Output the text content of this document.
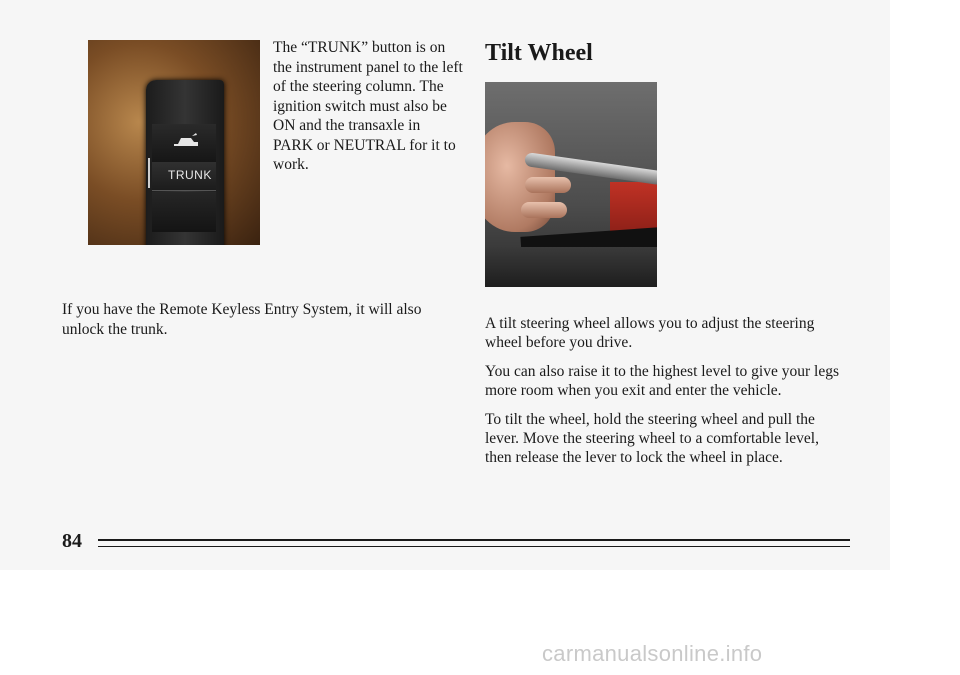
TRUNK
The “TRUNK” button is on the instrument panel to the left of the steering column. The ignition switch must also be ON and the transaxle in PARK or NEUTRAL for it to work.
If you have the Remote Keyless Entry System, it will also unlock the trunk.
Tilt Wheel

A tilt steering wheel allows you to adjust the steering wheel before you drive.

You can also raise it to the highest level to give your legs more room when you exit and enter the vehicle.

To tilt the wheel, hold the steering wheel and pull the lever. Move the steering wheel to a comfortable level, then release the lever to lock the wheel in place.

84
carmanualsonline.info
